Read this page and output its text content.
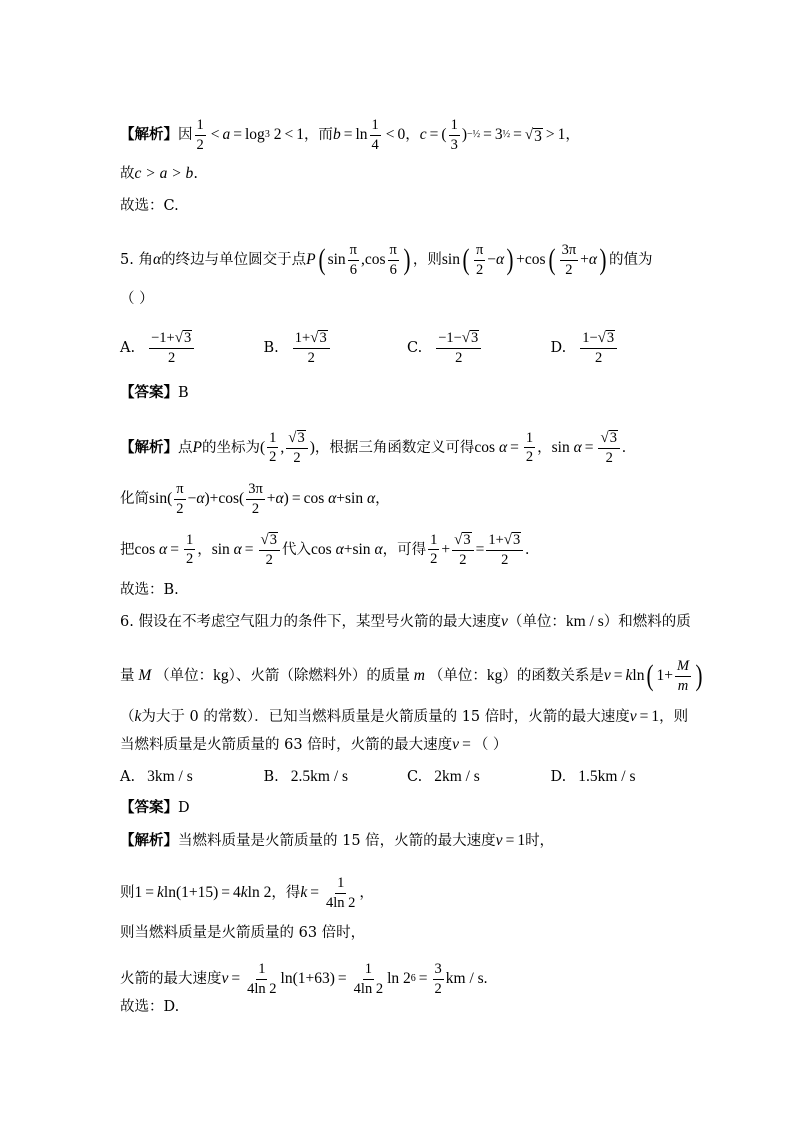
【解析】 因 $\frac{1}{2} < a = \log 3$ 2 < 1 ，而 $b = \ln \frac{1}{4} < 0$ ， c = ( $\frac{1}{3}$ ) −½ = 3 ½ = √ 3 > 1 ，
故 c > a > b .
故选：C.
5.
角 α 的终边与单位圆交于点 P ( $\sin \frac{\pi}{6} ,\cos \frac{\pi}{6}$ ) ，则 sin ( $\frac{\pi}{2} - \alpha$ ) +cos ( $\frac{3\pi}{2} + \alpha$ ) 的值为
（ ）
A. $\frac{-1+ √ 3}{2}$	B. $\frac{1+ √ 3}{2}$	C. $\frac{-1- √ 3}{2}$	D. $\frac{1- √ 3}{2}$
【答案】 B
【解析】 点 P 的坐标为 ( $\frac{1}{2}$ , $\frac{√ 3}{2}$ ) ，根据三角函数定义可得 $\cos \alpha = \frac{1}{2}$ ， $\sin \alpha = \frac{√ 3}{2}$ .
化简 $\sin( \frac{\pi}{2} - \alpha$ )$+\cos( \frac{3\pi}{2} + \alpha$ ) = cos α +sin α ，
把 $\cos \alpha = \frac{1}{2}$ ， $\sin \alpha = \frac{√ 3}{2}$ 代入 cos α +sin α ，可得 $\frac{1}{2} + \frac{√ 3}{2} = \frac{1+ √ 3}{2}$ .
故选：B.
6.
假设在不考虑空气阻力的条件下，某型号火箭的最大速度 v （单位： km / s ）和燃料的质
量 M （单位： kg ）、火箭（除燃料外）的质量 m （单位： kg ）的函数关系是 v = k ln ( $1+ \frac{M}{m}$ )
（ k 为大于 0 的常数）．已知当燃料质量是火箭质量的 15 倍时，火箭的最大速度 v = 1 ，则
当燃料质量是火箭质量的 63 倍时，火箭的最大速度 v = （ ）
A. 3km / s	B. 2.5km / s	C. 2km / s	D. 1.5km / s
【答案】 D
【解析】 当燃料质量是火箭质量的 15 倍，火箭的最大速度 v = 1 时，
则 1 = k ln(1+15) = 4 k ln 2 ，得 $k = \frac{1}{4\ln 2}$ ，
则当燃料质量是火箭质量的 63 倍时，
火箭的最大速度 $v = \frac{1}{4\ln 2} \ln(1+63) = \frac{1}{4\ln 2}$ ln 2 $6 = \frac{3}{2}$ km / s.
故选：D.
